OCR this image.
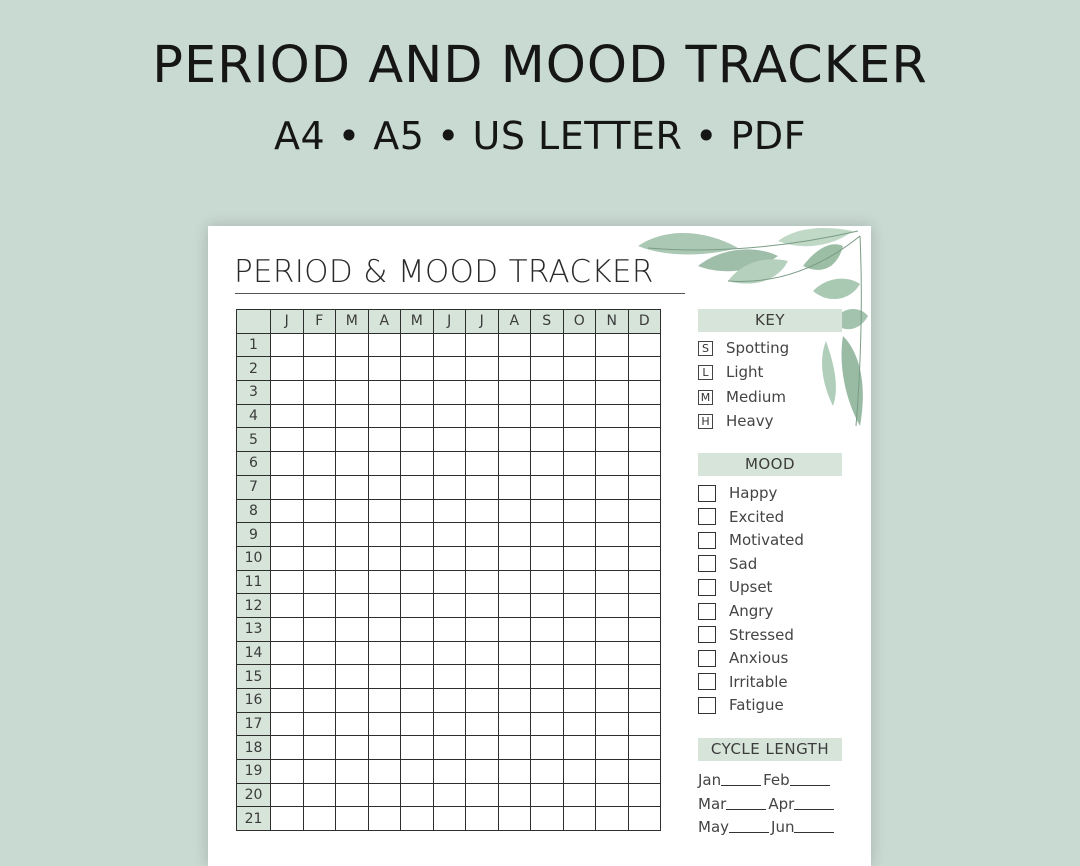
PERIOD AND MOOD TRACKER
A4 • A5 • US LETTER • PDF
PERIOD & MOOD TRACKER
	J	F	M	A	M	J	J	A	S	O	N	D
1												
2												
3												
4												
5												
6												
7												
8												
9												
10												
11												
12												
13												
14												
15												
16												
17												
18												
19												
20												
21												
KEY
S Spotting
L Light
M Medium
H Heavy
MOOD
Happy
Excited
Motivated
Sad
Upset
Angry
Stressed
Anxious
Irritable
Fatigue
CYCLE LENGTH
Jan	Feb
Mar	Apr
May	Jun
